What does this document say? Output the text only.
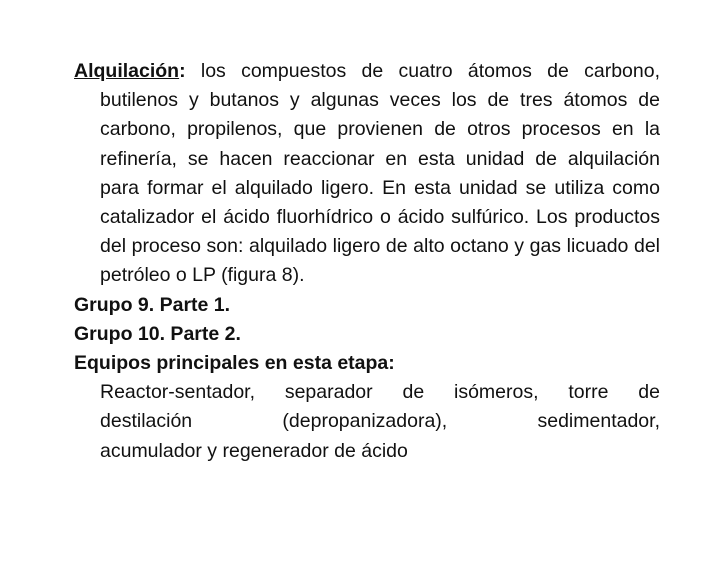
Alquilación: los compuestos de cuatro átomos de carbono, butilenos y butanos y algunas veces los de tres átomos de carbono, propilenos, que provienen de otros procesos en la refinería, se hacen reaccionar en esta unidad de alquilación para formar el alquilado ligero. En esta unidad se utiliza como catalizador el ácido fluorhídrico o ácido sulfúrico. Los productos del proceso son: alquilado ligero de alto octano y gas licuado del petróleo o LP (figura 8).

Grupo 9. Parte 1.

Grupo 10. Parte 2.

Equipos principales en esta etapa:

Reactor-sentador, separador de isómeros, torre de
destilación (depropanizadora), sedimentador,
acumulador y regenerador de ácido
